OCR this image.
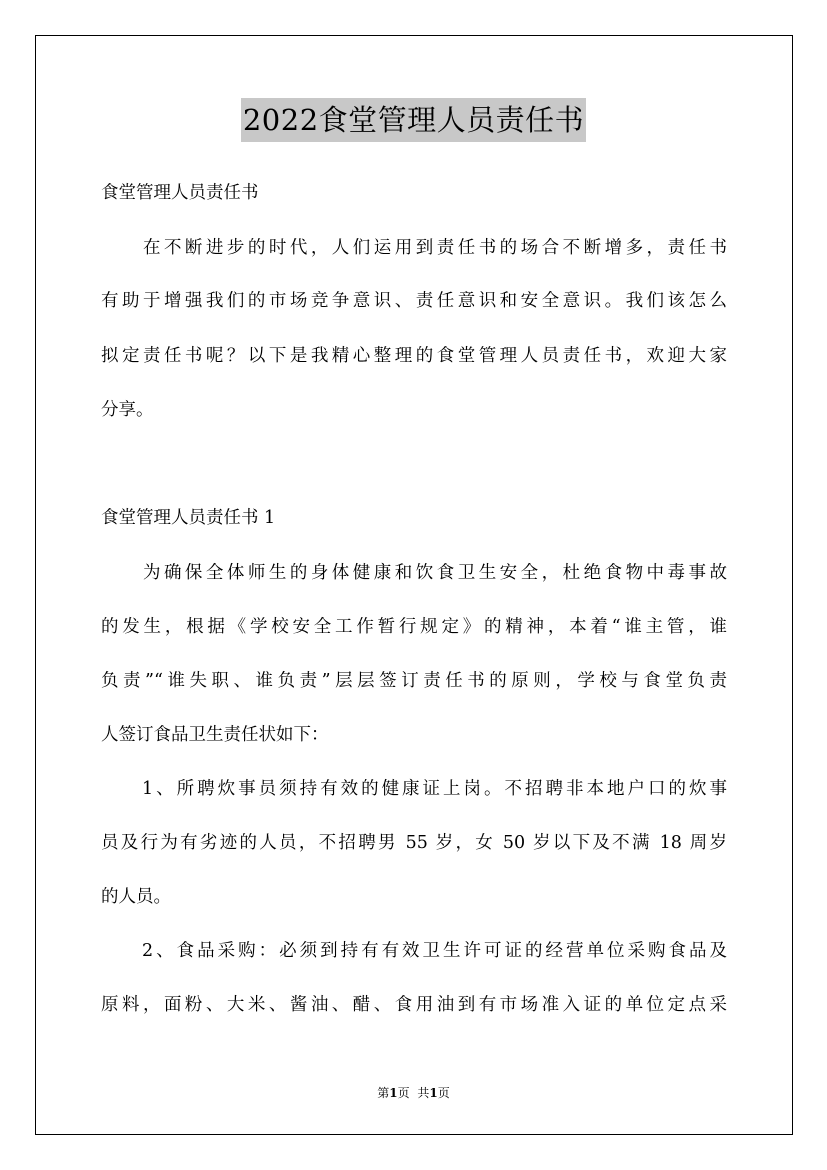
2022食堂管理人员责任书

食堂管理人员责任书

　　在不断进步的时代，人们运用到责任书的场合不断增多，责任书

有助于增强我们的市场竞争意识、责任意识和安全意识。我们该怎么

拟定责任书呢？以下是我精心整理的食堂管理人员责任书，欢迎大家

分享。

食堂管理人员责任书 1

　　为确保全体师生的身体健康和饮食卫生安全，杜绝食物中毒事故

的发生，根据《学校安全工作暂行规定》的精神，本着“谁主管，谁

负责”“谁失职、谁负责”层层签订责任书的原则，学校与食堂负责

人签订食品卫生责任状如下：

　　1、所聘炊事员须持有效的健康证上岗。不招聘非本地户口的炊事

员及行为有劣迹的人员，不招聘男 55 岁，女 50 岁以下及不满 18 周岁

的人员。

　　2、食品采购：必须到持有有效卫生许可证的经营单位采购食品及

原料，面粉、大米、酱油、醋、食用油到有市场准入证的单位定点采

第1页 共1页
